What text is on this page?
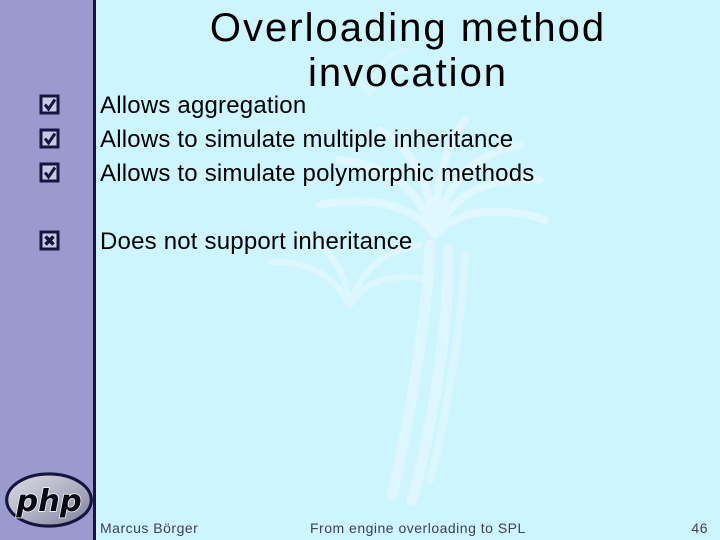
Overloading method invocation
Allows aggregation
Allows to simulate multiple inheritance
Allows to simulate polymorphic methods
Does not support inheritance
php
Marcus Börger	From engine overloading to SPL	46
